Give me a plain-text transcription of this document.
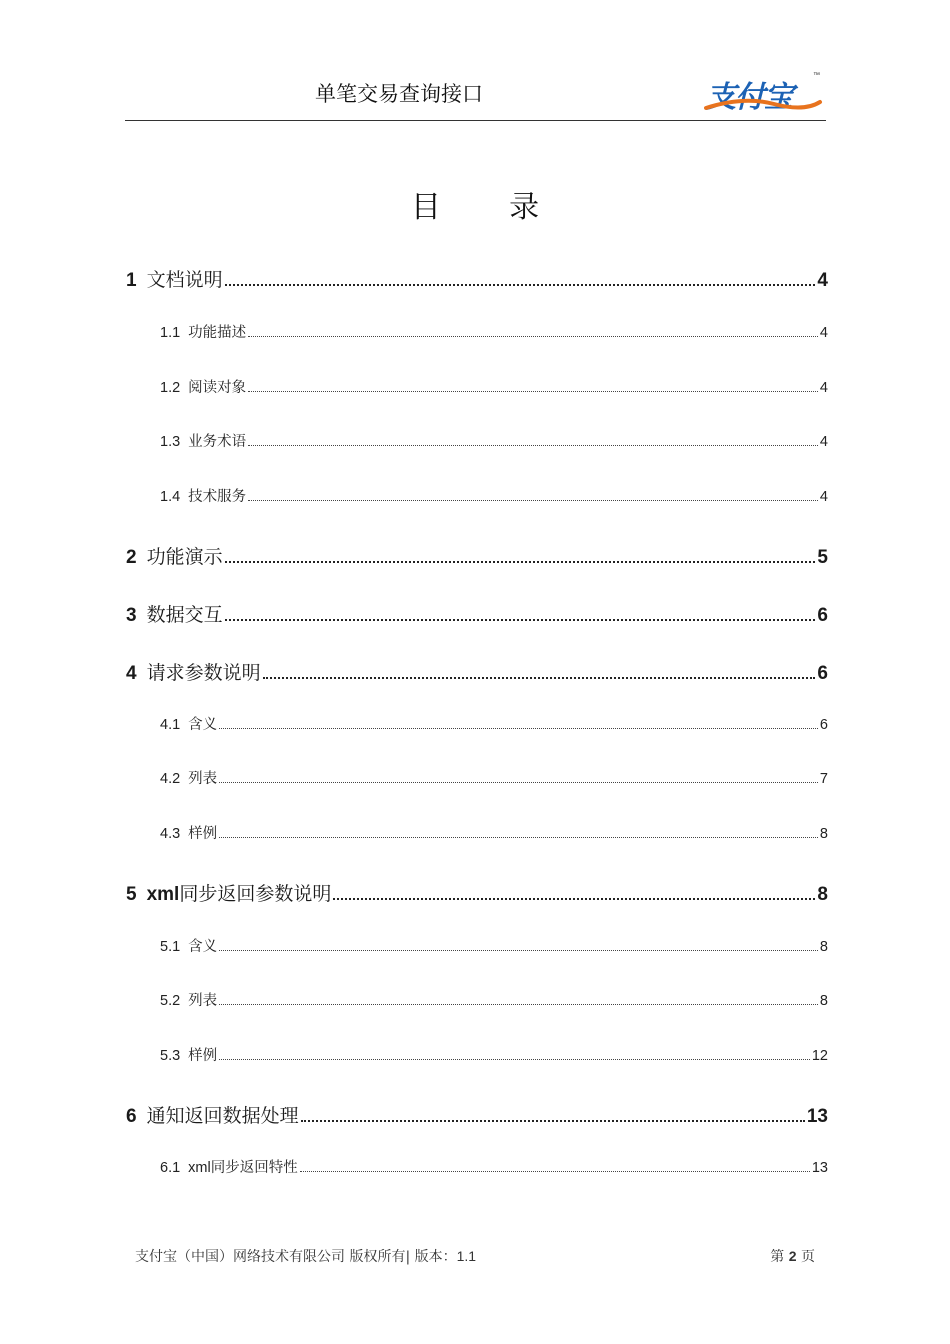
单笔交易查询接口	支付宝
™
目 录
1 文档说明	4
1.1 功能描述	4
1.2 阅读对象	4
1.3 业务术语	4
1.4 技术服务	4
2 功能演示	5
3 数据交互	6
4 请求参数说明	6
4.1 含义	6
4.2 列表	7
4.3 样例	8
5 xml同步返回参数说明	8
5.1 含义	8
5.2 列表	8
5.3 样例	12
6 通知返回数据处理	13
6.1 xml同步返回特性	13
支付宝（中国）网络技术有限公司 版权所有| 版本：1.1	第 2 页
